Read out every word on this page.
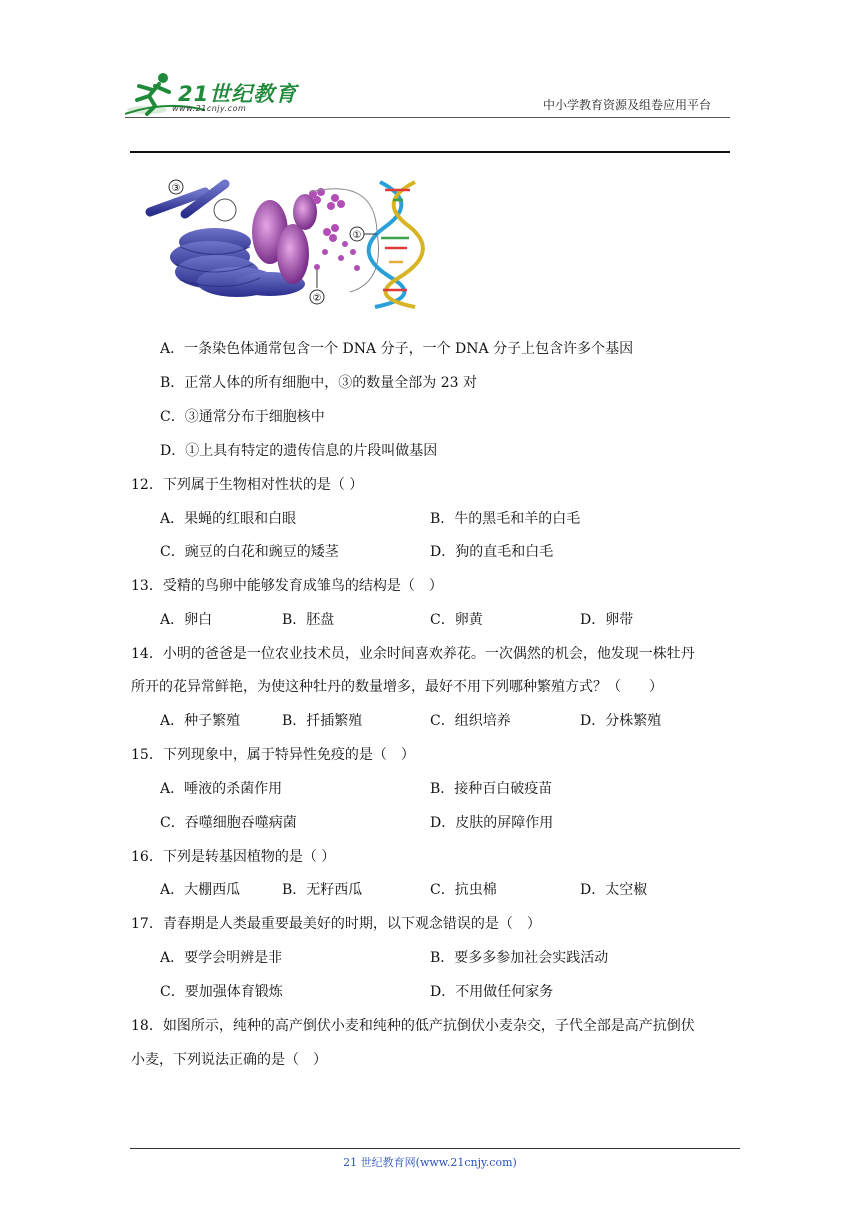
21世纪教育
www.21cnjy.com	中小学教育资源及组卷应用平台
③
①
②
A．一条染色体通常包含一个 DNA 分子，一个 DNA 分子上包含许多个基因
B．正常人体的所有细胞中，③的数量全部为 23 对
C．③通常分布于细胞核中
D．①上具有特定的遗传信息的片段叫做基因
12．下列属于生物相对性状的是（ ）
A．果蝇的红眼和白眼	B．牛的黑毛和羊的白毛
C．豌豆的白花和豌豆的矮茎	D．狗的直毛和白毛
13．受精的鸟卵中能够发育成雏鸟的结构是（　）
A．卵白	B．胚盘	C．卵黄	D．卵带
14．小明的爸爸是一位农业技术员，业余时间喜欢养花。一次偶然的机会，他发现一株牡丹
所开的花异常鲜艳，为使这种牡丹的数量增多，最好不用下列哪种繁殖方式？（　　）
A．种子繁殖	B．扦插繁殖	C．组织培养	D．分株繁殖
15．下列现象中，属于特异性免疫的是（　）
A．唾液的杀菌作用	B．接种百白破疫苗
C．吞噬细胞吞噬病菌	D．皮肤的屏障作用
16．下列是转基因植物的是（ ）
A．大棚西瓜	B．无籽西瓜	C．抗虫棉	D．太空椒
17．青春期是人类最重要最美好的时期，以下观念错误的是（　）
A．要学会明辨是非	B．要多多参加社会实践活动
C．要加强体育锻炼	D．不用做任何家务
18．如图所示，纯种的高产倒伏小麦和纯种的低产抗倒伏小麦杂交，子代全部是高产抗倒伏
小麦，下列说法正确的是（　）
21 世纪教育网(www.21cnjy.com)
